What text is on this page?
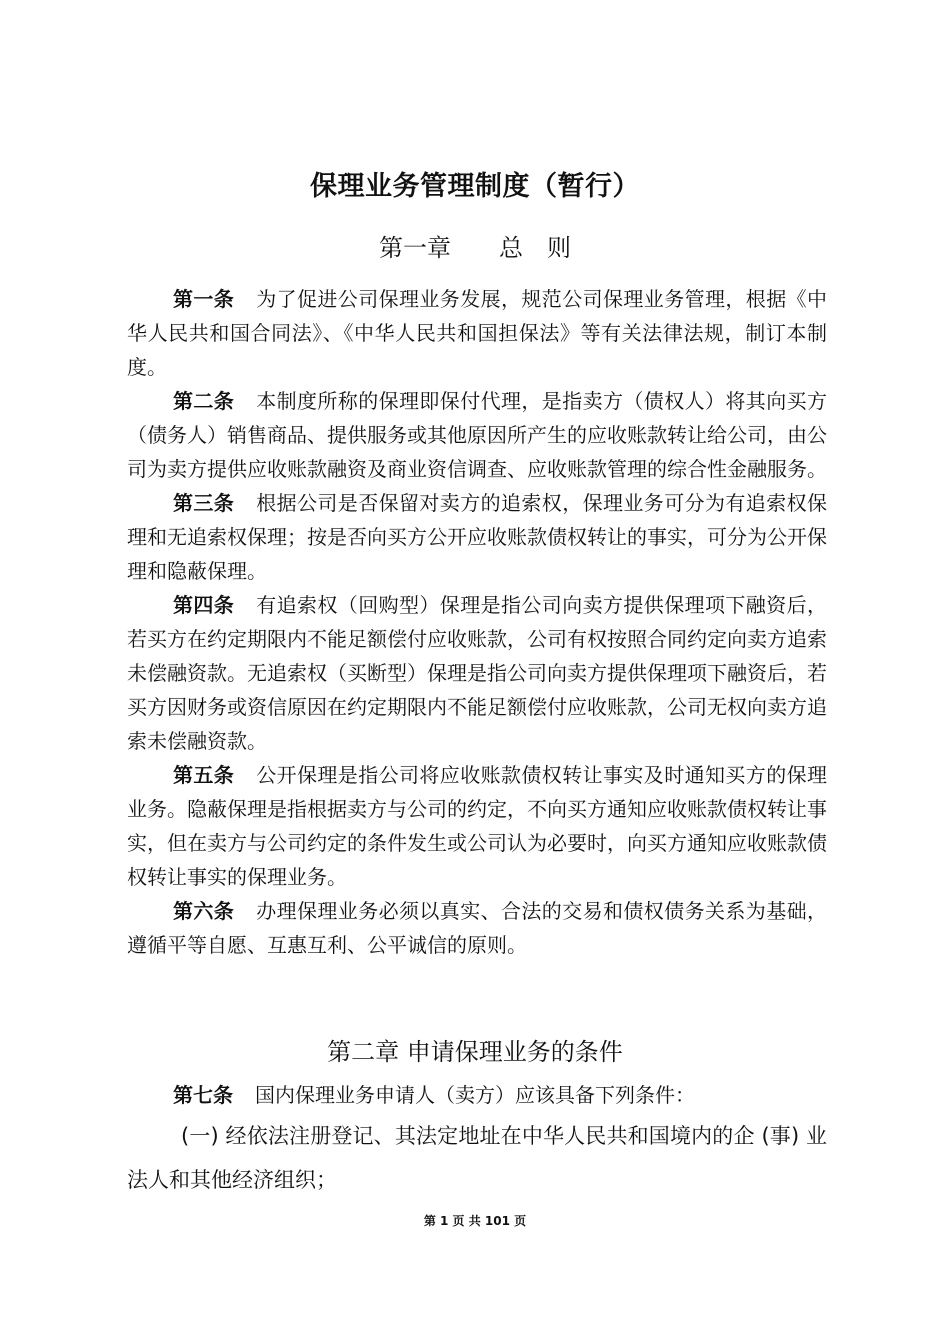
保理业务管理制度（暂行）
第一章 总 则

第一条 为了促进公司保理业务发展，规范公司保理业务管理，根据《中华人民共和国合同法》、《中华人民共和国担保法》等有关法律法规，制订本制度。

第二条 本制度所称的保理即保付代理，是指卖方（债权人）将其向买方（债务人）销售商品、提供服务或其他原因所产生的应收账款转让给公司，由公司为卖方提供应收账款融资及商业资信调查、应收账款管理的综合性金融服务。

第三条 根据公司是否保留对卖方的追索权，保理业务可分为有追索权保理和无追索权保理；按是否向买方公开应收账款债权转让的事实，可分为公开保理和隐蔽保理。

第四条 有追索权（回购型）保理是指公司向卖方提供保理项下融资后，若买方在约定期限内不能足额偿付应收账款，公司有权按照合同约定向卖方追索未偿融资款。无追索权（买断型）保理是指公司向卖方提供保理项下融资后，若买方因财务或资信原因在约定期限内不能足额偿付应收账款，公司无权向卖方追索未偿融资款。

第五条 公开保理是指公司将应收账款债权转让事实及时通知买方的保理业务。隐蔽保理是指根据卖方与公司的约定，不向买方通知应收账款债权转让事实，但在卖方与公司约定的条件发生或公司认为必要时，向买方通知应收账款债权转让事实的保理业务。

第六条 办理保理业务必须以真实、合法的交易和债权债务关系为基础，遵循平等自愿、互惠互利、公平诚信的原则。

第二章 申请保理业务的条件

第七条 国内保理业务申请人（卖方）应该具备下列条件：

(一) 经依法注册登记、其法定地址在中华人民共和国境内的企 (事) 业法人和其他经济组织；

第 1 页 共 101 页
